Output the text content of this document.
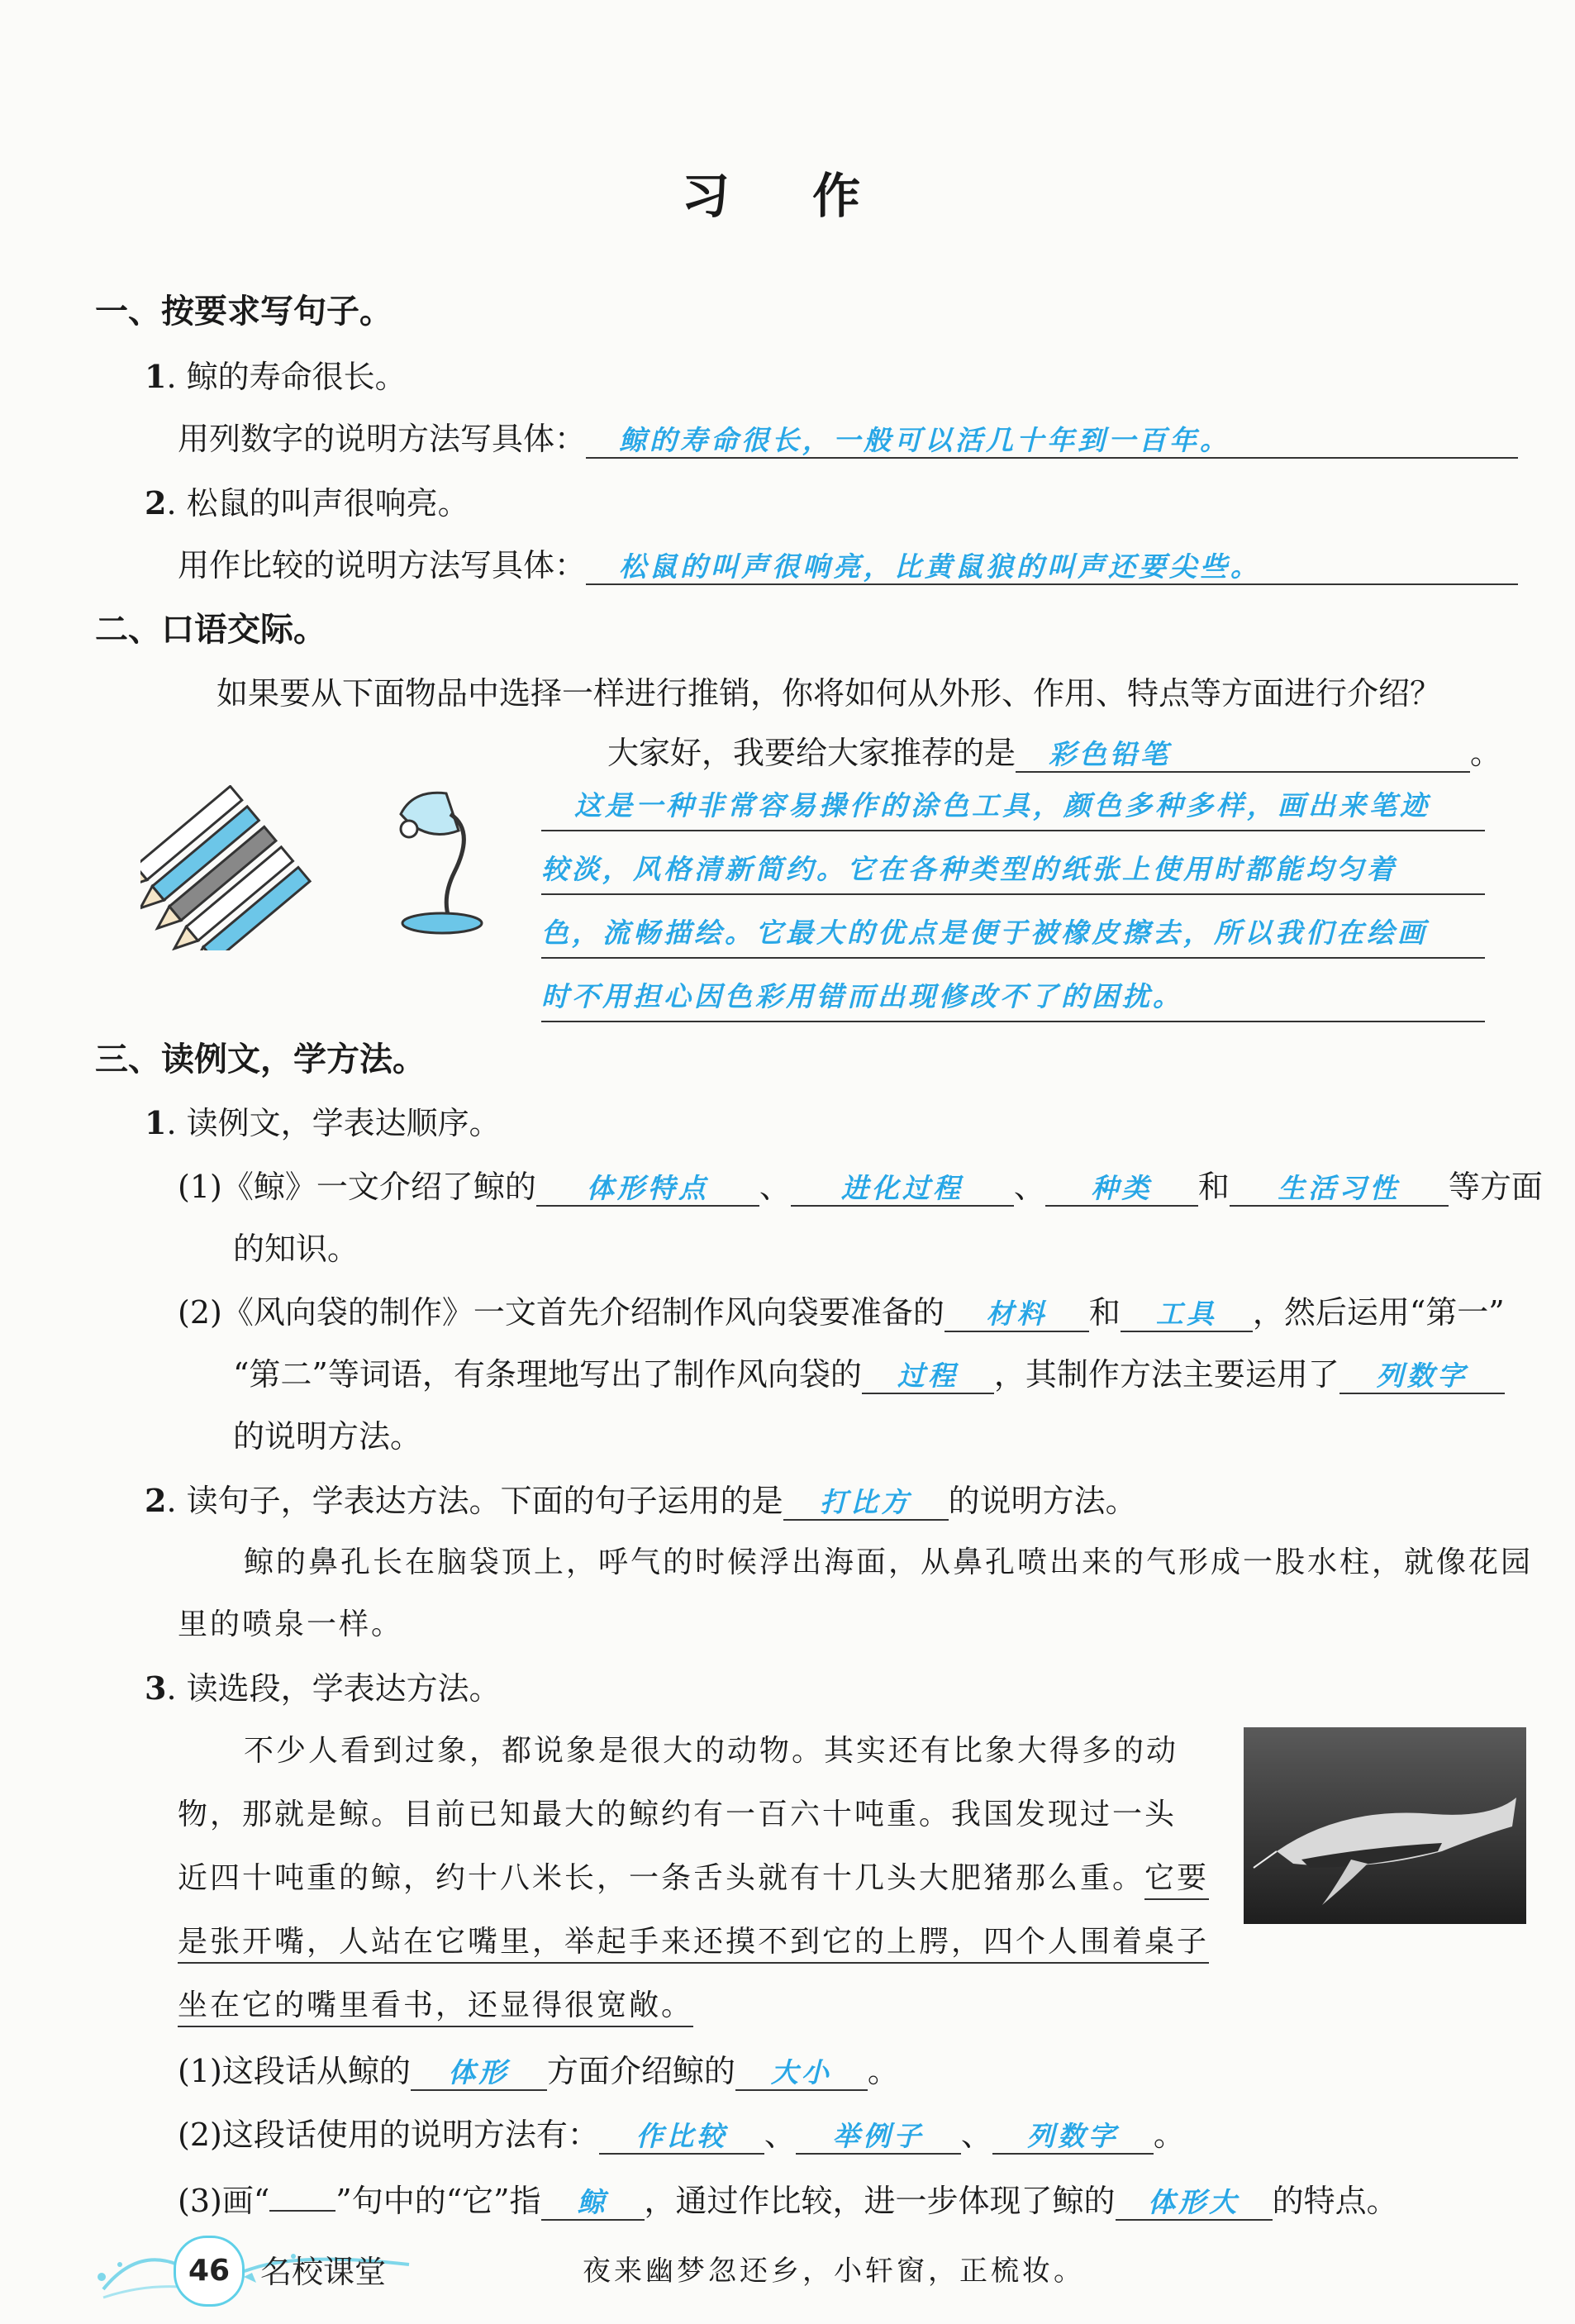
习 作
一、按要求写句子。
1. 鲸的寿命很长。
用列数字的说明方法写具体： 鲸的寿命很长，一般可以活几十年到一百年。
2. 松鼠的叫声很响亮。
用作比较的说明方法写具体： 松鼠的叫声很响亮，比黄鼠狼的叫声还要尖些。
二、口语交际。
如果要从下面物品中选择一样进行推销，你将如何从外形、作用、特点等方面进行介绍？
大家好，我要给大家推荐的是 彩色铅笔	。
这是一种非常容易操作的涂色工具，颜色多种多样，画出来笔迹
较淡，风格清新简约。它在各种类型的纸张上使用时都能均匀着
色，流畅描绘。它最大的优点是便于被橡皮擦去，所以我们在绘画
时不用担心因色彩用错而出现修改不了的困扰。
三、读例文，学方法。
1. 读例文，学表达顺序。
(1)《鲸》一文介绍了鲸的 体形特点 、 进化过程 、 种类 和 生活习性 等方面
的知识。
(2)《风向袋的制作》一文首先介绍制作风向袋要准备的 材料 和 工具 ，然后运用“第一”
“第二”等词语，有条理地写出了制作风向袋的 过程 ，其制作方法主要运用了 列数字
的说明方法。
2. 读句子，学表达方法。下面的句子运用的是 打比方 的说明方法。
鲸的鼻孔长在脑袋顶上，呼气的时候浮出海面，从鼻孔喷出来的气形成一股水柱，就像花园
里的喷泉一样。
3. 读选段，学表达方法。
不少人看到过象，都说象是很大的动物。其实还有比象大得多的动
物，那就是鲸。目前已知最大的鲸约有一百六十吨重。我国发现过一头
近四十吨重的鲸，约十八米长，一条舌头就有十几头大肥猪那么重。它要
是张开嘴，人站在它嘴里，举起手来还摸不到它的上腭，四个人围着桌子
坐在它的嘴里看书，还显得很宽敞。
(1)这段话从鲸的 体形 方面介绍鲸的 大小 。
(2)这段话使用的说明方法有： 作比较 、 举例子 、 列数字 。
(3)画“ ”句中的“它”指 鲸 ，通过作比较，进一步体现了鲸的 体形大 的特点。
46 名校课堂	夜来幽梦忽还乡，小轩窗，正梳妆。
